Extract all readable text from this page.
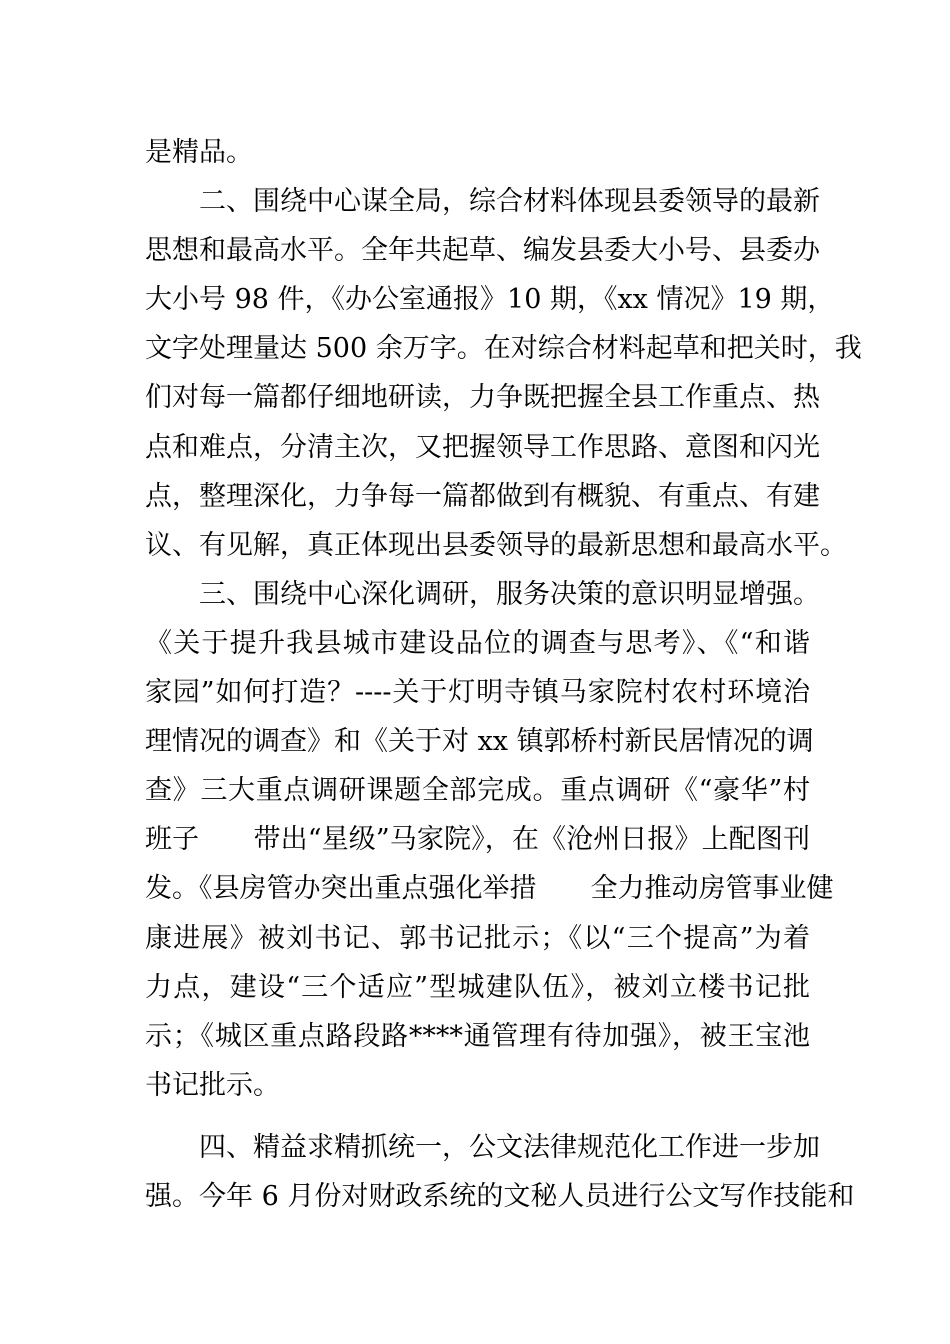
是精品。
二、围绕中心谋全局，综合材料体现县委领导的最新
思想和最高水平。全年共起草、编发县委大小号、县委办
大小号 98 件，《办公室通报》10 期，《xx 情况》19 期，
文字处理量达 500 余万字。在对综合材料起草和把关时，我
们对每一篇都仔细地研读，力争既把握全县工作重点、热
点和难点，分清主次，又把握领导工作思路、意图和闪光
点，整理深化，力争每一篇都做到有概貌、有重点、有建
议、有见解，真正体现出县委领导的最新思想和最高水平。
三、围绕中心深化调研，服务决策的意识明显增强。
《关于提升我县城市建设品位的调查与思考》、《“和谐
家园”如何打造？----关于灯明寺镇马家院村农村环境治
理情况的调查》和《关于对 xx 镇郭桥村新民居情况的调
查》三大重点调研课题全部完成。重点调研《“豪华”村
班子　　带出“星级”马家院》，在《沧州日报》上配图刊
发。《县房管办突出重点强化举措　　全力推动房管事业健
康进展》被刘书记、郭书记批示；《以“三个提高”为着
力点，建设“三个适应”型城建队伍》，被刘立楼书记批
示；《城区重点路段路****通管理有待加强》，被王宝池
书记批示。
四、精益求精抓统一，公文法律规范化工作进一步加
强。今年 6 月份对财政系统的文秘人员进行公文写作技能和
